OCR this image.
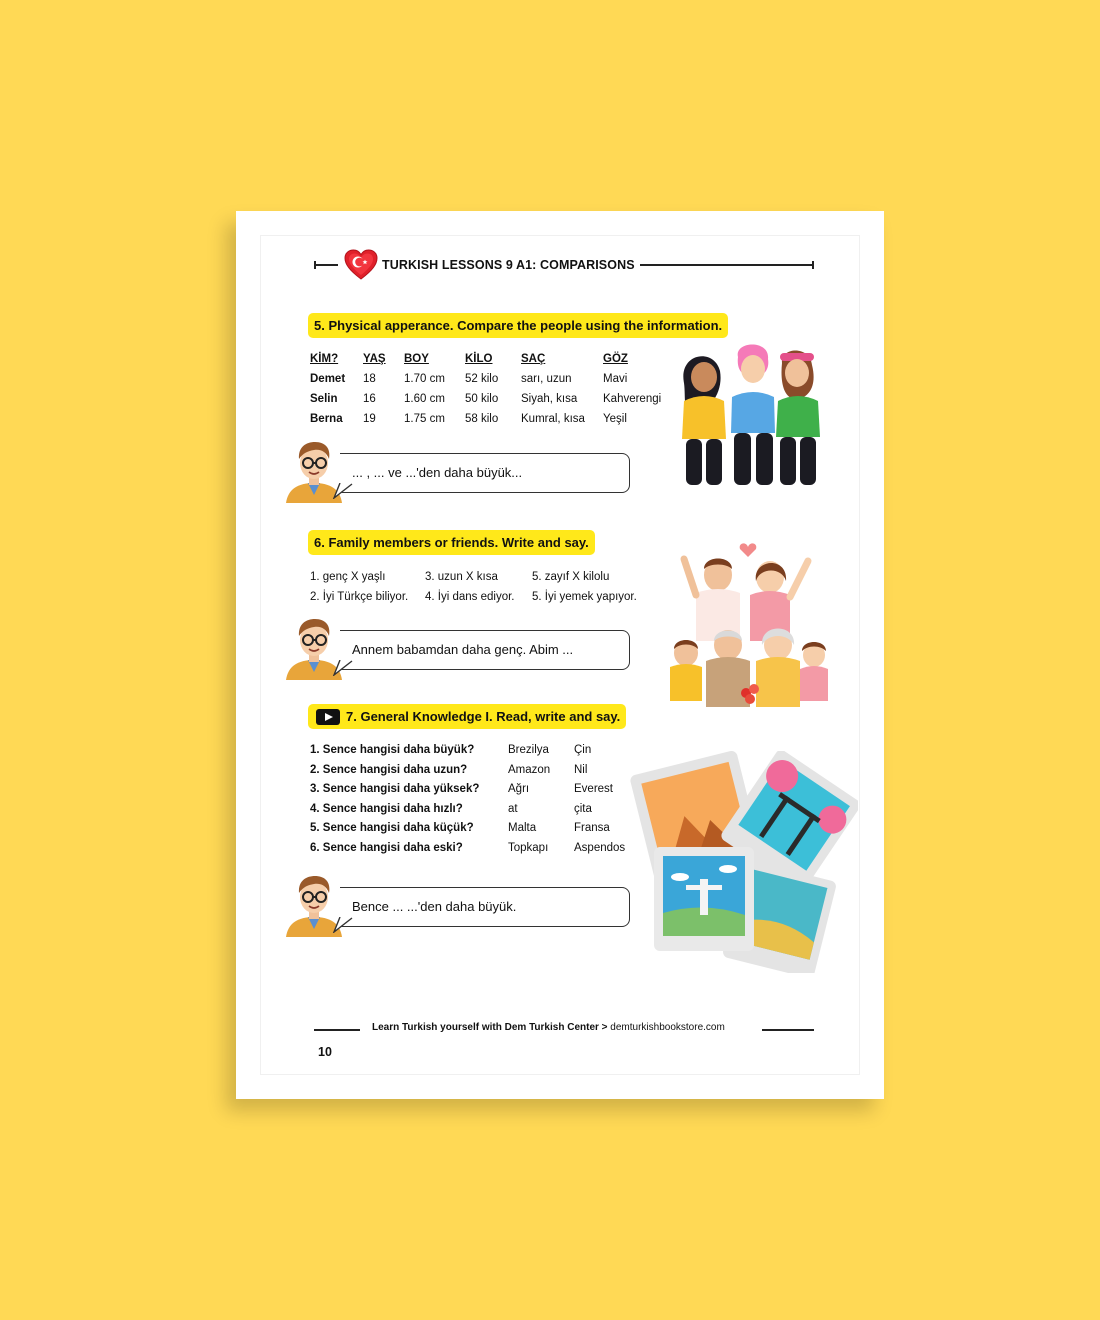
TURKISH LESSONS 9 A1: COMPARISONS
5. Physical apperance. Compare the people using the information.
KİM? YAŞ BOY	KİLO SAÇ	GÖZ
Demet 18 1.70 cm 52 kilo sarı, uzun	Mavi
Selin 16 1.60 cm 50 kilo Siyah, kısa Kahverengi
Berna 19 1.75 cm 58 kilo Kumral, kısa Yeşil
... , ... ve ...'den daha büyük...
6. Family members or friends. Write and say.
1. genç X yaşlı	3. uzun X kısa	5. zayıf X kilolu
2. İyi Türkçe biliyor. 4. İyi dans ediyor. 5. İyi yemek yapıyor.
Annem babamdan daha genç. Abim ...
7. General Knowledge I. Read, write and say.
1. Sence hangisi daha büyük?	Brezilya Çin
2. Sence hangisi daha uzun?	Amazon Nil
3. Sence hangisi daha yüksek? Ağrı	Everest
4. Sence hangisi daha hızlı?	at	çita
5. Sence hangisi daha küçük?	Malta	Fransa
6. Sence hangisi daha eski?	Topkapı Aspendos
Bence ... ...'den daha büyük.
Learn Turkish yourself with Dem Turkish Center > demturkishbookstore.com
10
